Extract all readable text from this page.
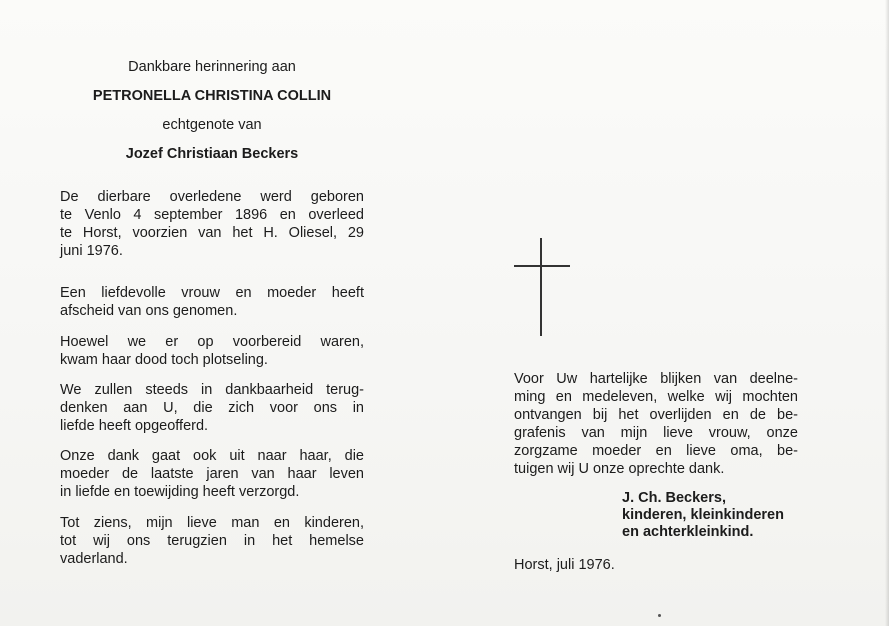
Dankbare herinnering aan

PETRONELLA CHRISTINA COLLIN

echtgenote van

Jozef Christiaan Beckers

De dierbare overledene werd geboren
te Venlo 4 september 1896 en overleed
te Horst, voorzien van het H. Oliesel, 29
juni 1976.

Een liefdevolle vrouw en moeder heeft
afscheid van ons genomen.

Hoewel we er op voorbereid waren,
kwam haar dood toch plotseling.

We zullen steeds in dankbaarheid terug-
denken aan U, die zich voor ons in
liefde heeft opgeofferd.

Onze dank gaat ook uit naar haar, die
moeder de laatste jaren van haar leven
in liefde en toewijding heeft verzorgd.

Tot ziens, mijn lieve man en kinderen,
tot wij ons terugzien in het hemelse
vaderland.

Voor Uw hartelijke blijken van deelne-
ming en medeleven, welke wij mochten
ontvangen bij het overlijden en de be-
grafenis van mijn lieve vrouw, onze
zorgzame moeder en lieve oma, be-
tuigen wij U onze oprechte dank.

J. Ch. Beckers,
kinderen, kleinkinderen
en achterkleinkind.

Horst, juli 1976.
